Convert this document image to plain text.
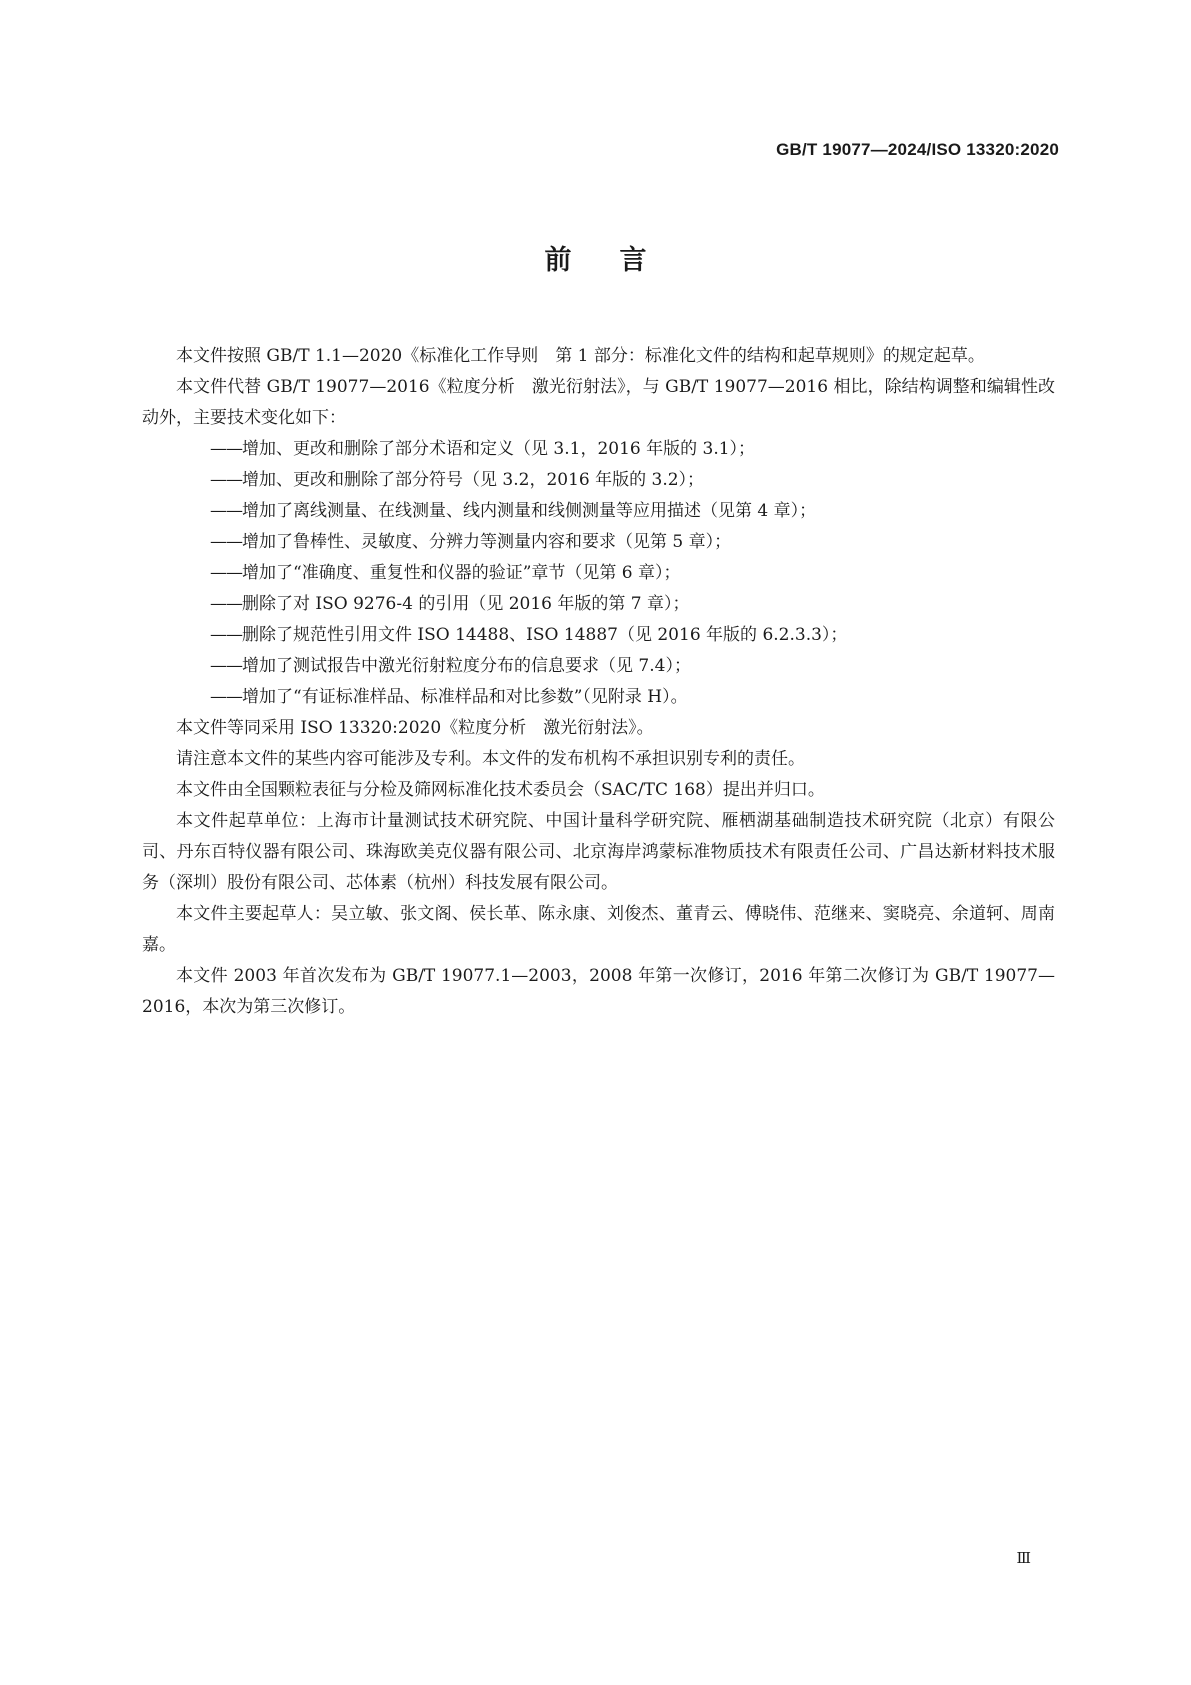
GB/T 19077—2024/ISO 13320:2020
前言

本文件按照 GB/T 1.1—2020《标准化工作导则　第 1 部分：标准化文件的结构和起草规则》的规定起草。

本文件代替 GB/T 19077—2016《粒度分析　激光衍射法》，与 GB/T 19077—2016 相比，除结构调整和编辑性改动外，主要技术变化如下：

——增加、更改和删除了部分术语和定义（见 3.1，2016 年版的 3.1）；

——增加、更改和删除了部分符号（见 3.2，2016 年版的 3.2）；

——增加了离线测量、在线测量、线内测量和线侧测量等应用描述（见第 4 章）；

——增加了鲁棒性、灵敏度、分辨力等测量内容和要求（见第 5 章）；

——增加了“准确度、重复性和仪器的验证”章节（见第 6 章）；

——删除了对 ISO 9276-4 的引用（见 2016 年版的第 7 章）；

——删除了规范性引用文件 ISO 14488、ISO 14887（见 2016 年版的 6.2.3.3）；

——增加了测试报告中激光衍射粒度分布的信息要求（见 7.4）；

——增加了“有证标准样品、标准样品和对比参数”（见附录 H）。

本文件等同采用 ISO 13320:2020《粒度分析　激光衍射法》。

请注意本文件的某些内容可能涉及专利。本文件的发布机构不承担识别专利的责任。

本文件由全国颗粒表征与分检及筛网标准化技术委员会（SAC/TC 168）提出并归口。

本文件起草单位：上海市计量测试技术研究院、中国计量科学研究院、雁栖湖基础制造技术研究院（北京）有限公司、丹东百特仪器有限公司、珠海欧美克仪器有限公司、北京海岸鸿蒙标准物质技术有限责任公司、广昌达新材料技术服务（深圳）股份有限公司、芯体素（杭州）科技发展有限公司。

本文件主要起草人：吴立敏、张文阁、侯长革、陈永康、刘俊杰、董青云、傅晓伟、范继来、窦晓亮、余道轲、周南嘉。

本文件 2003 年首次发布为 GB/T 19077.1—2003，2008 年第一次修订，2016 年第二次修订为 GB/T 19077—2016，本次为第三次修订。

Ⅲ
